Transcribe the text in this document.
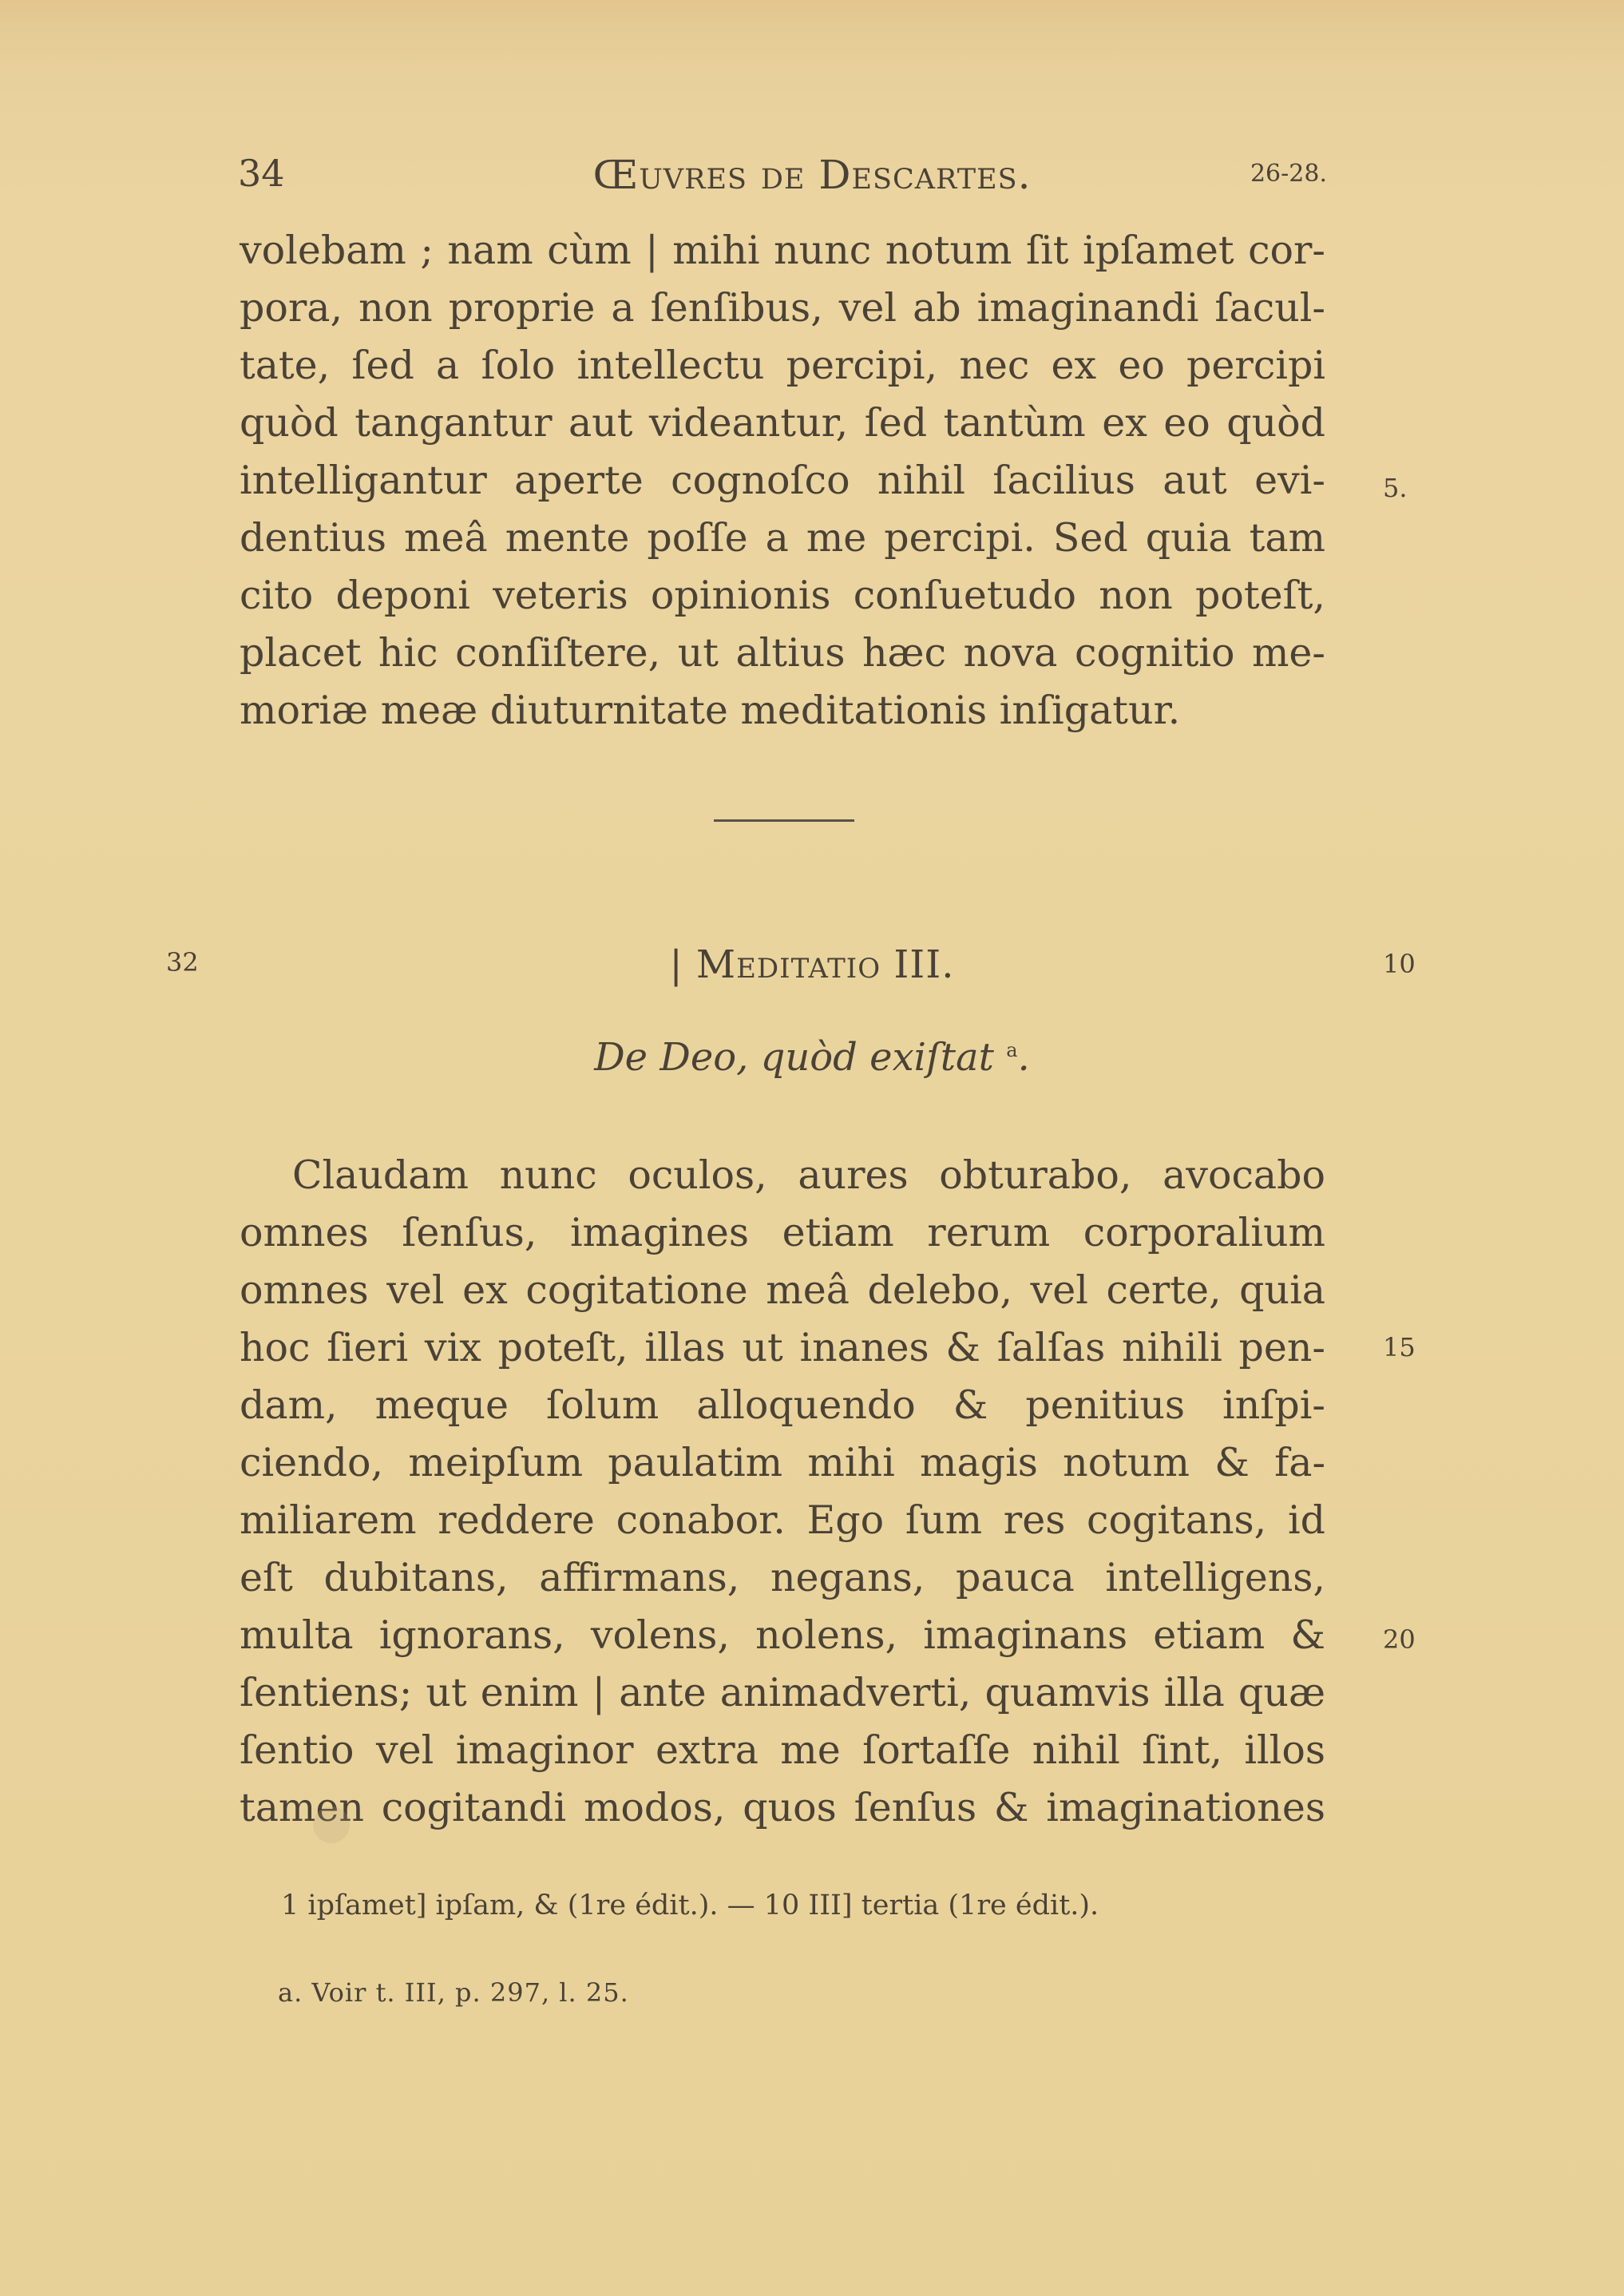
34	Œuvres de Descartes.	26-28.
volebam ; nam cùm | mihi nunc notum ſit ipſamet cor-
pora, non proprie a ſenſibus, vel ab imaginandi ſacul-
tate, ſed a ſolo intellectu percipi, nec ex eo percipi
quòd tangantur aut videantur, ſed tantùm ex eo quòd
intelligantur aperte cognoſco nihil ſacilius aut evi-
dentius meâ mente poſſe a me percipi. Sed quia tam
cito deponi veteris opinionis conſuetudo non poteſt,
placet hic conſiſtere, ut altius hæc nova cognitio me-
moriæ meæ diuturnitate meditationis inſigatur.
5.
32	| Meditatio III.	10
De Deo, quòd exiſtat $^a$.
Claudam nunc oculos, aures obturabo, avocabo
omnes ſenſus, imagines etiam rerum corporalium
omnes vel ex cogitatione meâ delebo, vel certe, quia
hoc ſieri vix poteſt, illas ut inanes & ſalſas nihili pen-
dam, meque ſolum alloquendo & penitius inſpi-
ciendo, meipſum paulatim mihi magis notum & fa-
miliarem reddere conabor. Ego ſum res cogitans, id
eſt dubitans, affirmans, negans, pauca intelligens,
multa ignorans, volens, nolens, imaginans etiam &
ſentiens; ut enim | ante animadverti, quamvis illa quæ
ſentio vel imaginor extra me ſortaſſe nihil ſint, illos
tamen cogitandi modos, quos ſenſus & imaginationes
15
20
1 ipſamet] ipſam, & (1re édit.). — 10 III] tertia (1re édit.).
a. Voir t. III, p. 297, l. 25.
